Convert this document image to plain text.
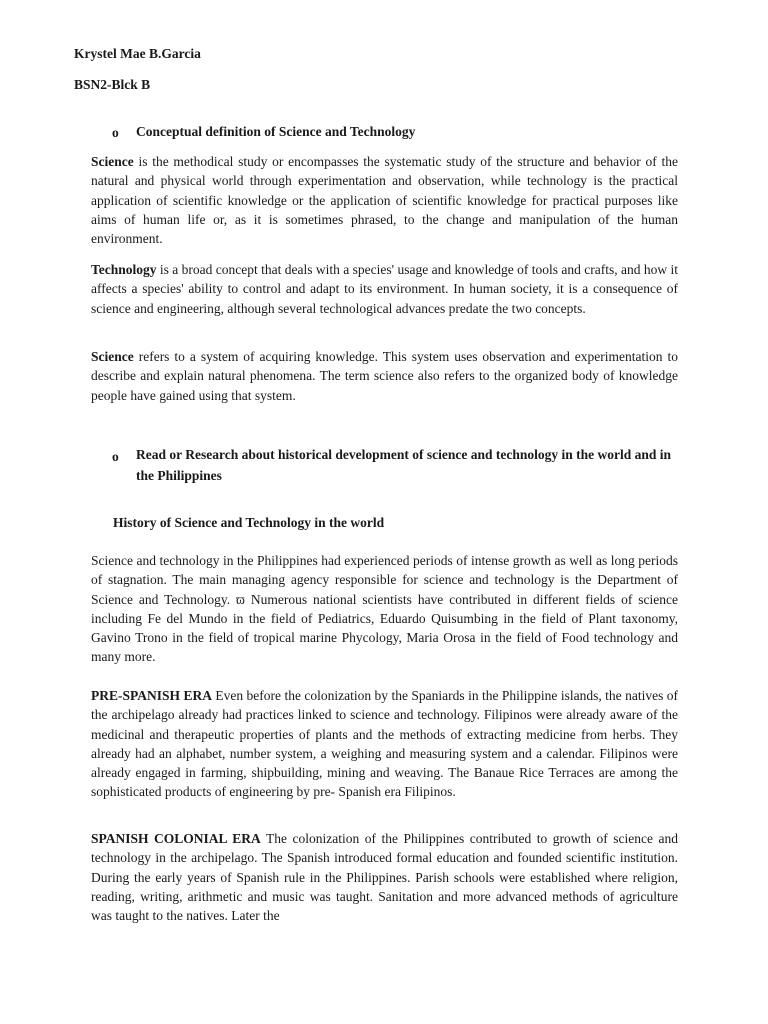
Krystel Mae B.Garcia

BSN2-Blck B

o Conceptual definition of Science and Technology

Science is the methodical study or encompasses the systematic study of the structure and behavior of the natural and physical world through experimentation and observation, while technology is the practical application of scientific knowledge or the application of scientific knowledge for practical purposes like aims of human life or, as it is sometimes phrased, to the change and manipulation of the human environment.

Technology is a broad concept that deals with a species' usage and knowledge of tools and crafts, and how it affects a species' ability to control and adapt to its environment. In human society, it is a consequence of science and engineering, although several technological advances predate the two concepts.

Science refers to a system of acquiring knowledge. This system uses observation and experimentation to describe and explain natural phenomena. The term science also refers to the organized body of knowledge people have gained using that system.

o Read or Research about historical development of science and technology in the world and in the Philippines

History of Science and Technology in the world

Science and technology in the Philippines had experienced periods of intense growth as well as long periods of stagnation. The main managing agency responsible for science and technology is the Department of Science and Technology. ϖ Numerous national scientists have contributed in different fields of science including Fe del Mundo in the field of Pediatrics, Eduardo Quisumbing in the field of Plant taxonomy, Gavino Trono in the field of tropical marine Phycology, Maria Orosa in the field of Food technology and many more.

PRE-SPANISH ERA Even before the colonization by the Spaniards in the Philippine islands, the natives of the archipelago already had practices linked to science and technology. Filipinos were already aware of the medicinal and therapeutic properties of plants and the methods of extracting medicine from herbs. They already had an alphabet, number system, a weighing and measuring system and a calendar. Filipinos were already engaged in farming, shipbuilding, mining and weaving. The Banaue Rice Terraces are among the sophisticated products of engineering by pre- Spanish era Filipinos.

SPANISH COLONIAL ERA The colonization of the Philippines contributed to growth of science and technology in the archipelago. The Spanish introduced formal education and founded scientific institution. During the early years of Spanish rule in the Philippines. Parish schools were established where religion, reading, writing, arithmetic and music was taught. Sanitation and more advanced methods of agriculture was taught to the natives. Later the
